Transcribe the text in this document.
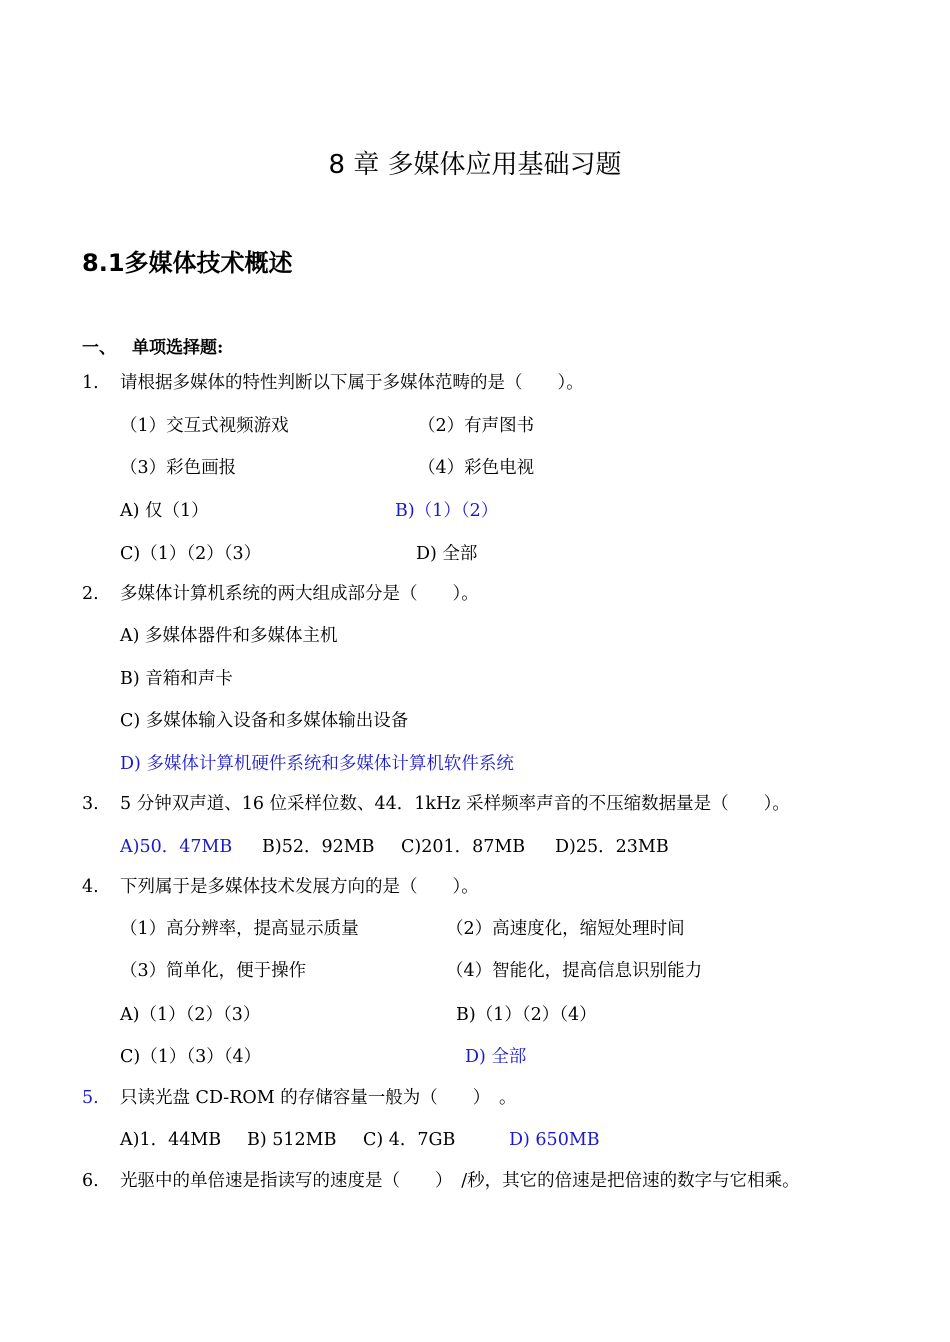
8 章 多媒体应用基础习题
8.1多媒体技术概述
一、 单项选择题:
1. 请根据多媒体的特性判断以下属于多媒体范畴的是（　　）。
（1）交互式视频游戏	（2）有声图书
（3）彩色画报	（4）彩色电视
A) 仅（1）	B)（1）（2）
C)（1）（2）（3）	D) 全部
2. 多媒体计算机系统的两大组成部分是（　　）。
A) 多媒体器件和多媒体主机
B) 音箱和声卡
C) 多媒体输入设备和多媒体输出设备
D) 多媒体计算机硬件系统和多媒体计算机软件系统
3. 5 分钟双声道、16 位采样位数、44．1kHz 采样频率声音的不压缩数据量是（　　）。
A)50．47MB B)52．92MB C)201．87MB D)25．23MB
4. 下列属于是多媒体技术发展方向的是（　　）。
（1）高分辨率，提高显示质量	（2）高速度化，缩短处理时间
（3）简单化，便于操作	（4）智能化，提高信息识别能力
A)（1）（2）（3）	B)（1）（2）（4）
C)（1）（3）（4）	D) 全部
5. 只读光盘 CD-ROM 的存储容量一般为（　　）　。
A)1．44MB B) 512MB C) 4．7GB	D) 650MB
6. 光驱中的单倍速是指读写的速度是（　　）　/秒，其它的倍速是把倍速的数字与它相乘。
